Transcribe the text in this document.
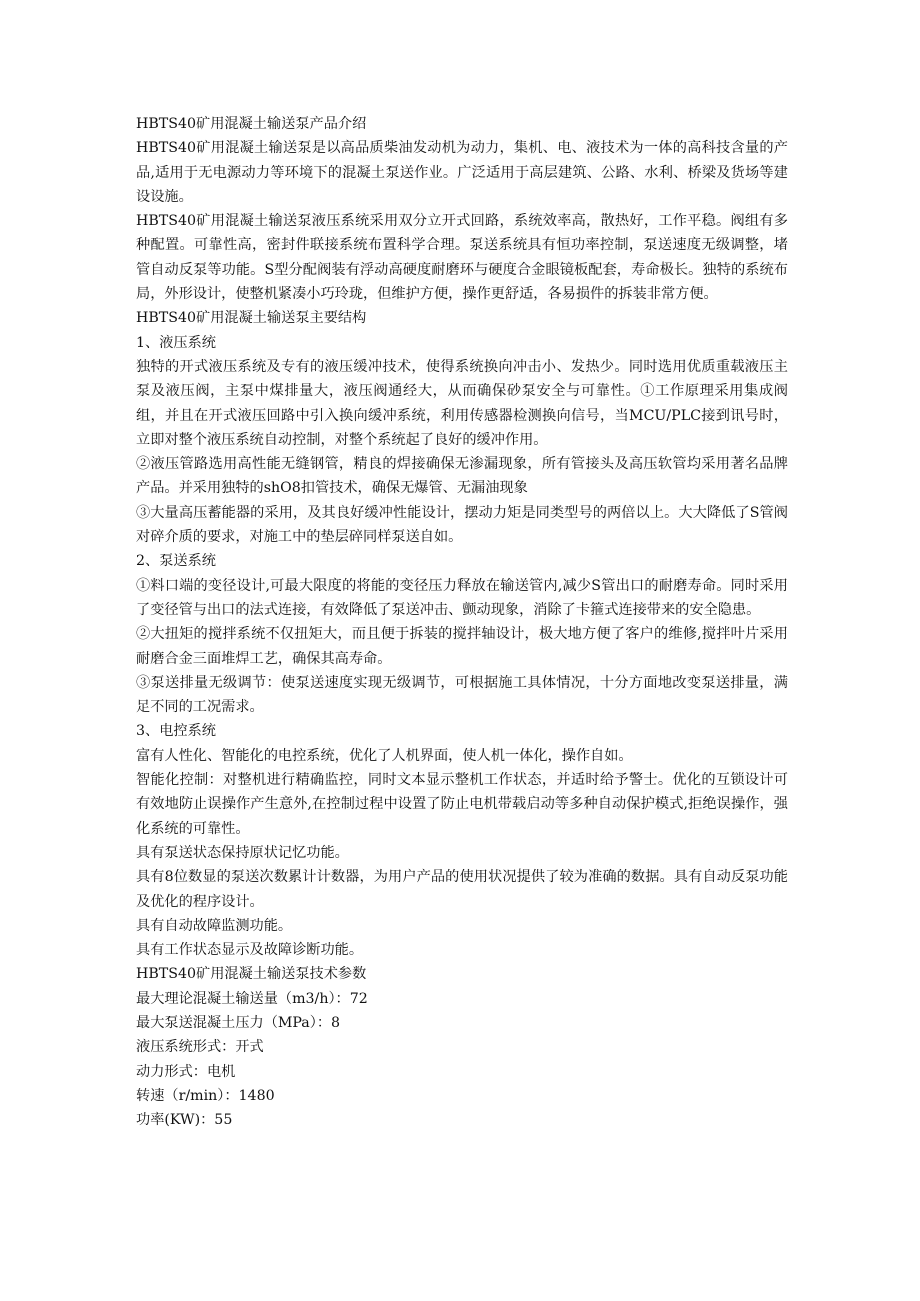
HBTS40矿用混凝土输送泵产品介绍

HBTS40矿用混凝土输送泵是以高品质柴油发动机为动力，集机、电、液技术为一体的高科技含量的产品,适用于无电源动力等环境下的混凝土泵送作业。广泛适用于高层建筑、公路、水利、桥梁及货场等建设设施。

HBTS40矿用混凝土输送泵液压系统采用双分立开式回路，系统效率高，散热好，工作平稳。阀组有多种配置。可靠性高，密封件联接系统布置科学合理。泵送系统具有恒功率控制，泵送速度无级调整，堵管自动反泵等功能。S型分配阀装有浮动高硬度耐磨环与硬度合金眼镜板配套，寿命极长。独特的系统布局，外形设计，使整机紧凑小巧玲珑，但维护方便，操作更舒适，各易损件的拆装非常方便。

HBTS40矿用混凝土输送泵主要结构

1、液压系统

独特的开式液压系统及专有的液压缓冲技术，使得系统换向冲击小、发热少。同时选用优质重载液压主泵及液压阀，主泵中煤排量大，液压阀通经大，从而确保砂泵安全与可靠性。①工作原理采用集成阀组，并且在开式液压回路中引入换向缓冲系统，利用传感器检测换向信号，当MCU/PLC接到讯号时，立即对整个液压系统自动控制，对整个系统起了良好的缓冲作用。

②液压管路选用高性能无缝钢管，精良的焊接确保无渗漏现象，所有管接头及高压软管均采用著名品牌产品。并采用独特的shO8扣管技术，确保无爆管、无漏油现象

③大量高压蓄能器的采用，及其良好缓冲性能设计，摆动力矩是同类型号的两倍以上。大大降低了S管阀对碎介质的要求，对施工中的垫层碎同样泵送自如。

2、泵送系统

①料口端的变径设计,可最大限度的将能的变径压力释放在输送管内,减少S管出口的耐磨寿命。同时采用了变径管与出口的法式连接，有效降低了泵送冲击、颤动现象，消除了卡箍式连接带来的安全隐患。

②大扭矩的搅拌系统不仅扭矩大，而且便于拆装的搅拌轴设计，极大地方便了客户的维修,搅拌叶片采用耐磨合金三面堆焊工艺，确保其高寿命。

③泵送排量无级调节：使泵送速度实现无级调节，可根据施工具体情况，十分方面地改变泵送排量，满足不同的工况需求。

3、电控系统

富有人性化、智能化的电控系统，优化了人机界面，使人机一体化，操作自如。

智能化控制：对整机进行精确监控，同时文本显示整机工作状态，并适时给予警士。优化的互锁设计可有效地防止误操作产生意外,在控制过程中设置了防止电机带载启动等多种自动保护模式,拒绝误操作，强化系统的可靠性。

具有泵送状态保持原状记忆功能。

具有8位数显的泵送次数累计计数器，为用户产品的使用状况提供了较为准确的数据。具有自动反泵功能及优化的程序设计。

具有自动故障监测功能。

具有工作状态显示及故障诊断功能。

HBTS40矿用混凝土输送泵技术参数

最大理论混凝土输送量（m3/h）：72

最大泵送混凝土压力（MPa）：8

液压系统形式：开式

动力形式：电机

转速（r/min）：1480

功率(KW)：55
